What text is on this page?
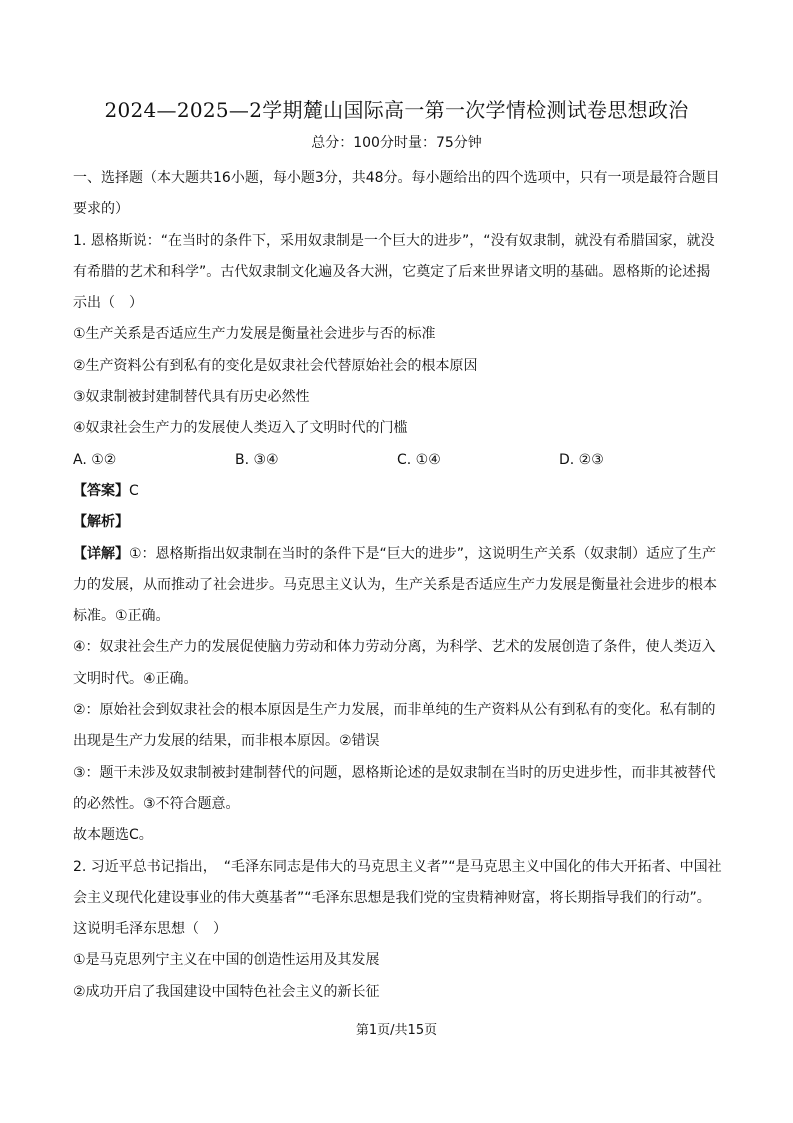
2024—2025—2学期麓山国际高一第一次学情检测试卷思想政治
总分：100分时量：75分钟

一、选择题（本大题共16小题，每小题3分，共48分。每小题给出的四个选项中，只有一项是最符合题目要求的）

1. 恩格斯说：“在当时的条件下，采用奴隶制是一个巨大的进步”，“没有奴隶制，就没有希腊国家，就没有希腊的艺术和科学”。古代奴隶制文化遍及各大洲，它奠定了后来世界诸文明的基础。恩格斯的论述揭示出（　）

①生产关系是否适应生产力发展是衡量社会进步与否的标准

②生产资料公有到私有的变化是奴隶社会代替原始社会的根本原因

③奴隶制被封建制替代具有历史必然性

④奴隶社会生产力的发展使人类迈入了文明时代的门槛

A. ①②	B. ③④	C. ①④	D. ②③

【答案】C

【解析】

【详解】①：恩格斯指出奴隶制在当时的条件下是“巨大的进步”，这说明生产关系（奴隶制）适应了生产力的发展，从而推动了社会进步。马克思主义认为，生产关系是否适应生产力发展是衡量社会进步的根本标准。①正确。

④：奴隶社会生产力的发展促使脑力劳动和体力劳动分离，为科学、艺术的发展创造了条件，使人类迈入文明时代。④正确。

②：原始社会到奴隶社会的根本原因是生产力发展，而非单纯的生产资料从公有到私有的变化。私有制的出现是生产力发展的结果，而非根本原因。②错误

③：题干未涉及奴隶制被封建制替代的问题，恩格斯论述的是奴隶制在当时的历史进步性，而非其被替代的必然性。③不符合题意。

故本题选C。

2. 习近平总书记指出，　“毛泽东同志是伟大的马克思主义者”“是马克思主义中国化的伟大开拓者、中国社会主义现代化建设事业的伟大奠基者”“毛泽东思想是我们党的宝贵精神财富，将长期指导我们的行动”。这说明毛泽东思想（　）

①是马克思列宁主义在中国的创造性运用及其发展

②成功开启了我国建设中国特色社会主义的新长征

第1页/共15页
